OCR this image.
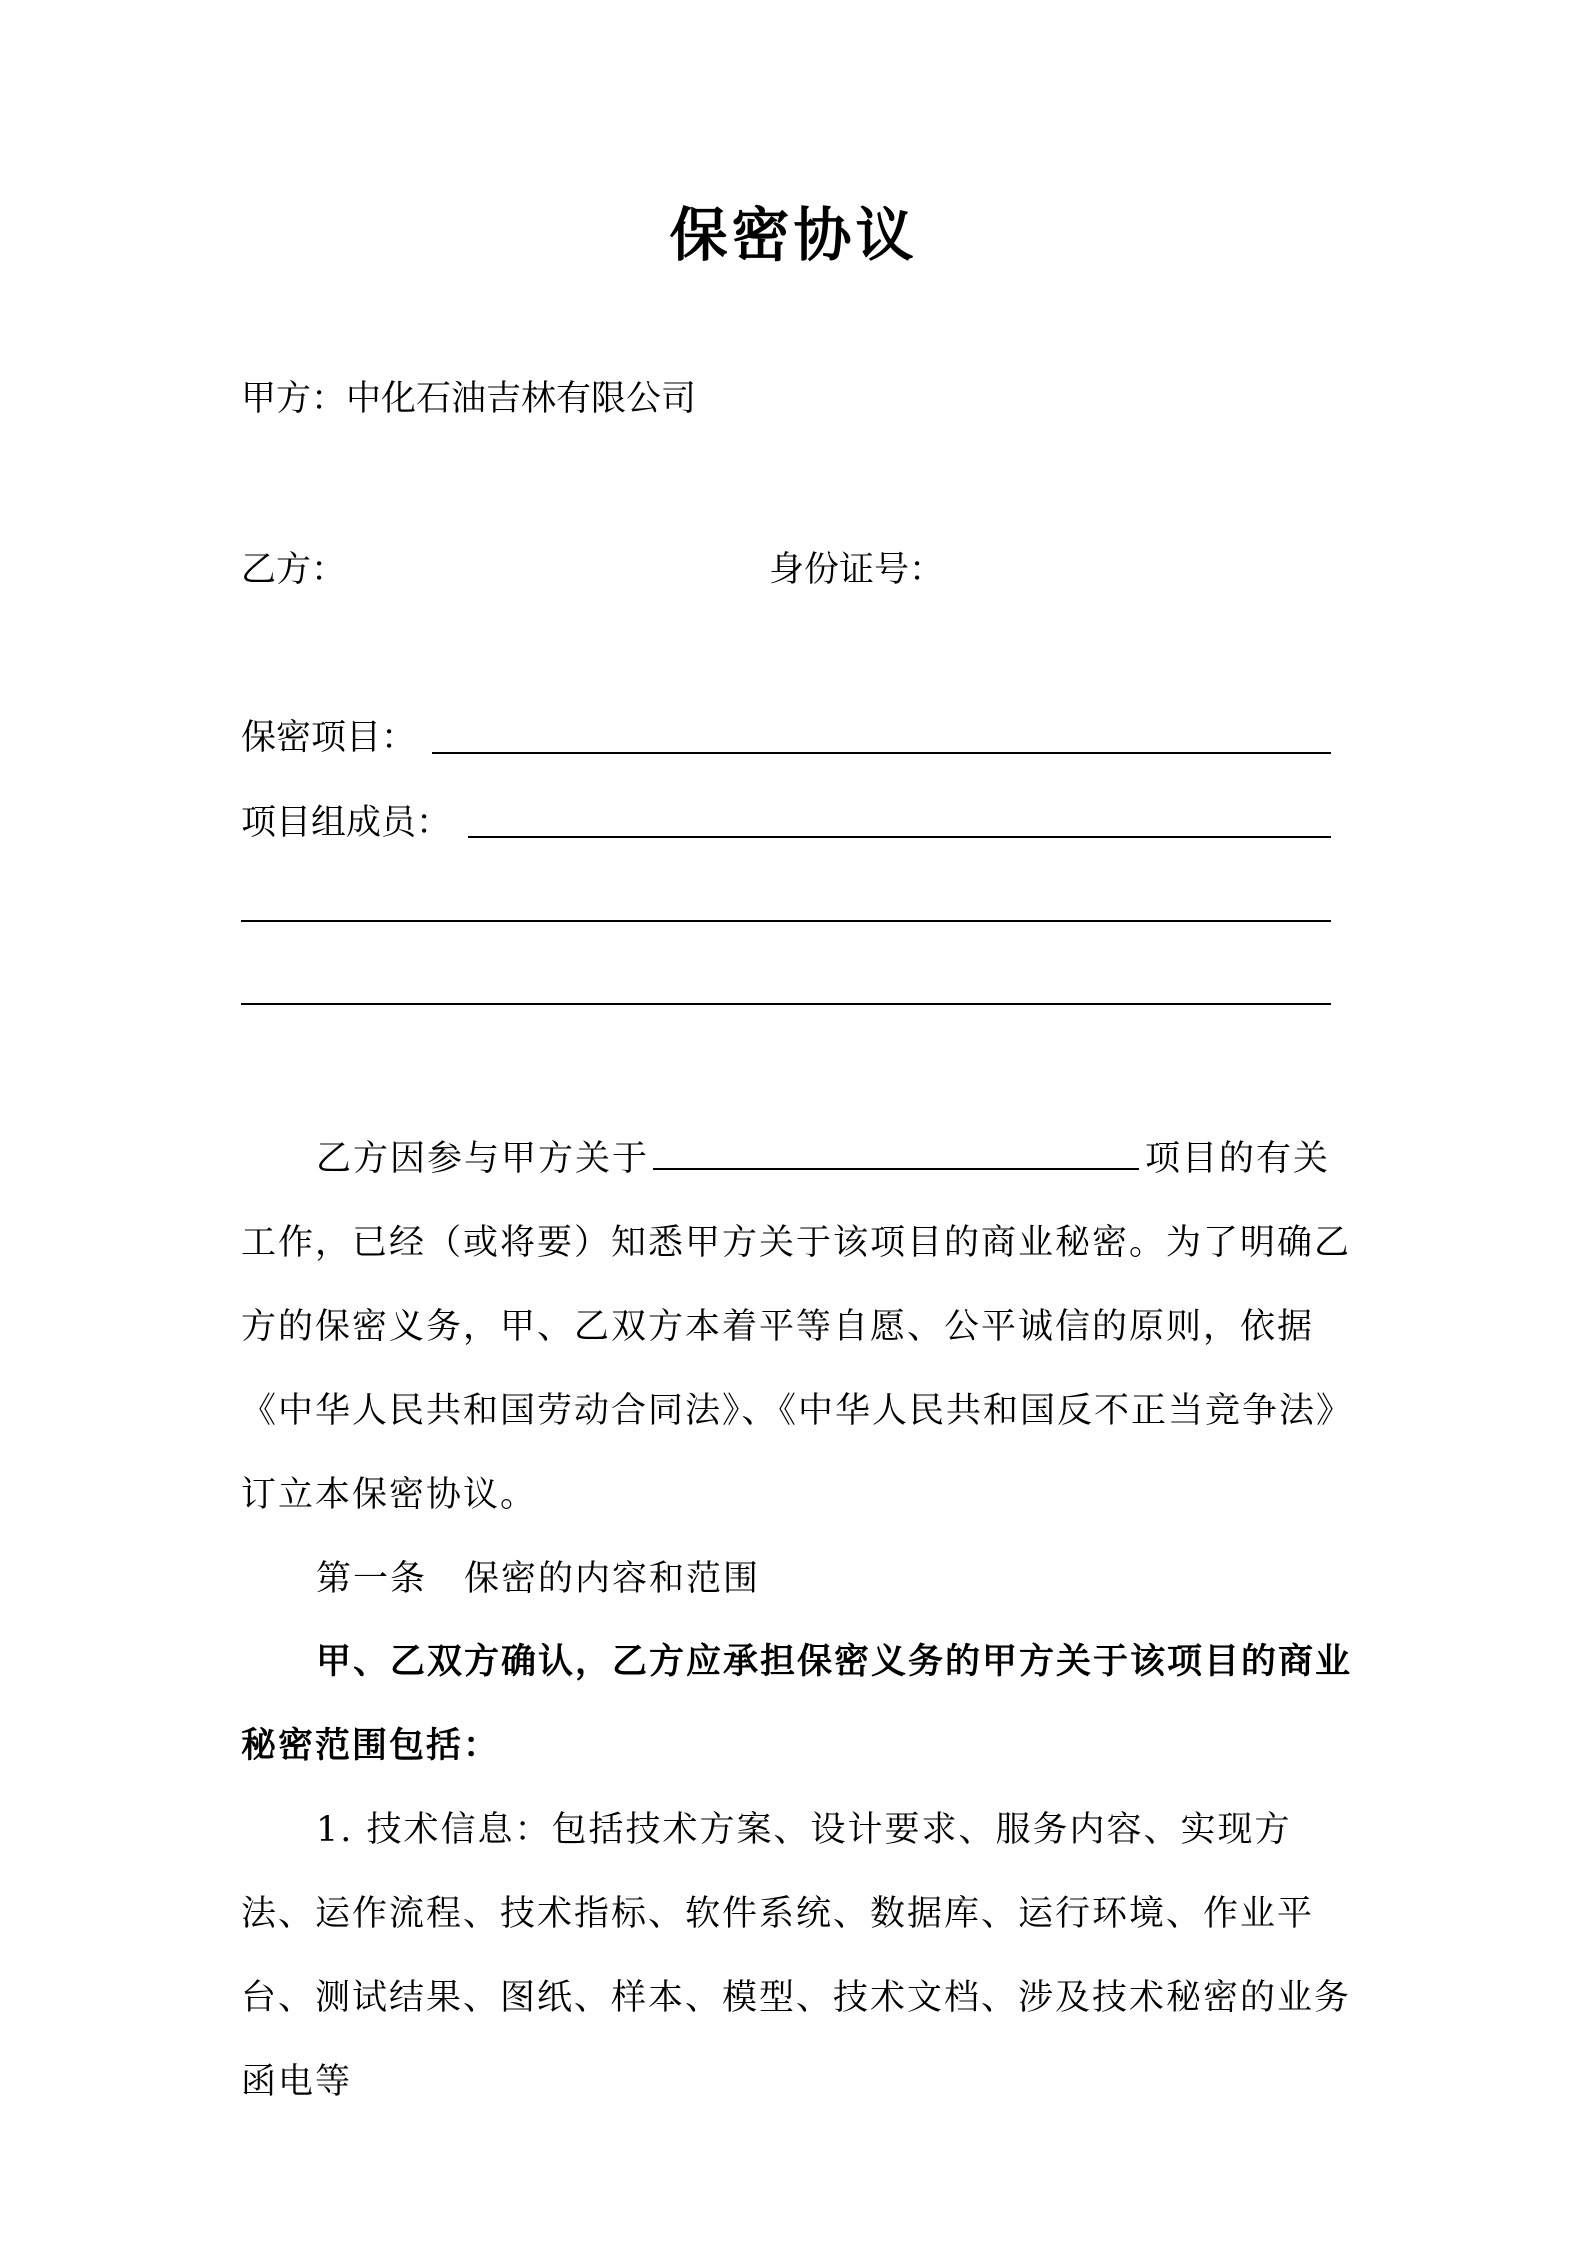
保密协议
甲方：中化石油吉林有限公司
乙方：	身份证号：
保密项目：
项目组成员：
乙方因参与甲方关于	项目的有关工作，已经（或将要）知悉甲方关于该项目的商业秘密。为了明确乙方的保密义务，甲、乙双方本着平等自愿、公平诚信的原则，依据《中华人民共和国劳动合同法》、《中华人民共和国反不正当竞争法》订立本保密协议。
第一条　保密的内容和范围
甲、乙双方确认，乙方应承担保密义务的甲方关于该项目的商业秘密范围包括：
1. 技术信息：包括技术方案、设计要求、服务内容、实现方法、运作流程、技术指标、软件系统、数据库、运行环境、作业平台、测试结果、图纸、样本、模型、技术文档、涉及技术秘密的业务函电等
